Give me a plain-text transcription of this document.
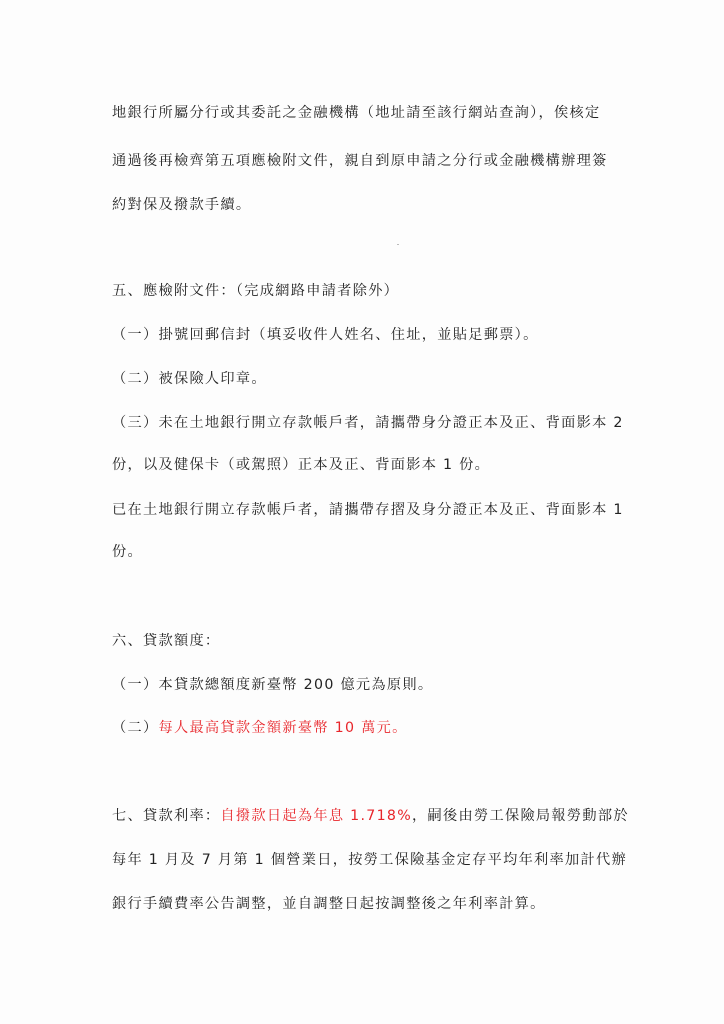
地銀行所屬分行或其委託之金融機構（地址請至該行網站查詢），俟核定
通過後再檢齊第五項應檢附文件，親自到原申請之分行或金融機構辦理簽
約對保及撥款手續。
五、應檢附文件：（完成網路申請者除外）
（一）掛號回郵信封（填妥收件人姓名、住址，並貼足郵票）。
（二）被保險人印章。
（三）未在土地銀行開立存款帳戶者，請攜帶身分證正本及正、背面影本 2
份，以及健保卡（或駕照）正本及正、背面影本 1 份。
已在土地銀行開立存款帳戶者，請攜帶存摺及身分證正本及正、背面影本 1
份。
六、貸款額度：
（一）本貸款總額度新臺幣 200 億元為原則。
（二）每人最高貸款金額新臺幣 10 萬元。
七、貸款利率：自撥款日起為年息 1.718%，嗣後由勞工保險局報勞動部於
每年 1 月及 7 月第 1 個營業日，按勞工保險基金定存平均年利率加計代辦
銀行手續費率公告調整，並自調整日起按調整後之年利率計算。
